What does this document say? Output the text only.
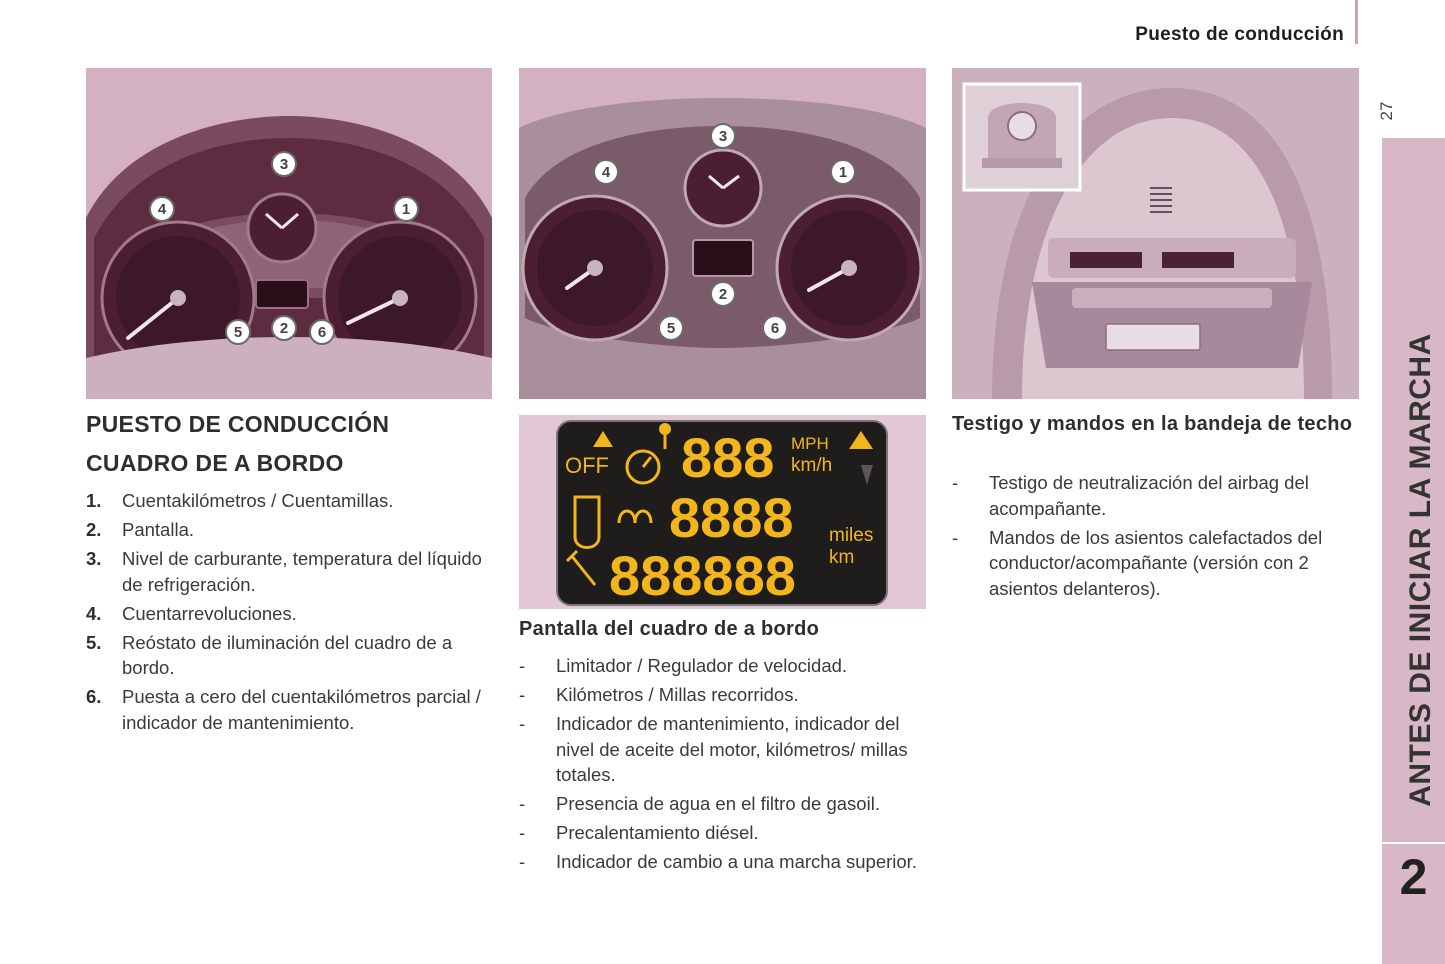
Puesto de conducción
27
ANTES DE INICIAR LA MARCHA
2
1
2
3
4
5	6
1
2
3
4
5	6
OFF 888 MPH
km/h
8888 miles
km
888888
PUESTO DE CONDUCCIÓN
CUADRO DE A BORDO
1. Cuentakilómetros / Cuentamillas.
2. Pantalla.
3. Nivel de carburante, temperatura del líquido de refrigeración.
4. Cuentarrevoluciones.
5. Reóstato de iluminación del cuadro de a bordo.
6. Puesta a cero del cuentakilómetros parcial / indicador de mantenimiento.
Pantalla del cuadro de a bordo
- Limitador / Regulador de velocidad.
- Kilómetros / Millas recorridos.
- Indicador de mantenimiento, indicador del nivel de aceite del motor, kilómetros/ millas totales.
- Presencia de agua en el filtro de gasoil.
- Precalentamiento diésel.
- Indicador de cambio a una marcha superior.
Testigo y mandos en la bandeja de techo
- Testigo de neutralización del airbag del acompañante.
- Mandos de los asientos calefactados del conductor/acompañante (versión con 2 asientos delanteros).
